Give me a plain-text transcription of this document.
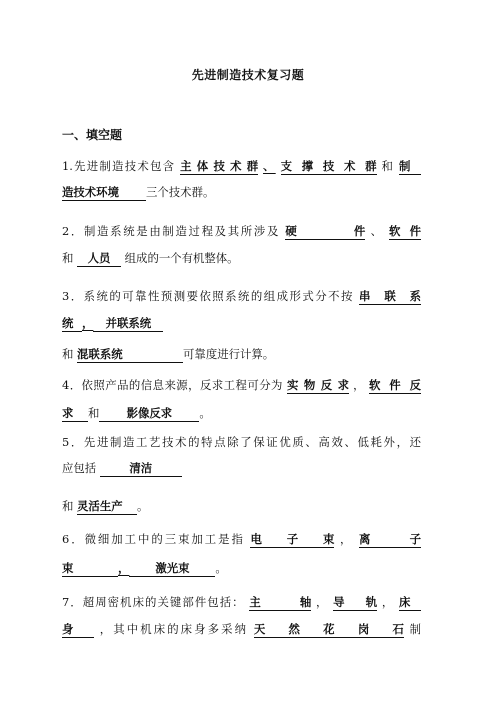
先进制造技术复习题
一、填空题
1.先进制造技术包含 主体技术群 、 支撑技术群 和 制
造技术环境 三个技术群。
2．制造系统是由制造过程及其所涉及 硬件 、 软件
和 人员 组成的一个有机整体。
3．系统的可靠性预测要依照系统的组成形式分不按 串联系
统 ， 并联系统
和 混联系统	可靠度进行计算。
4．依照产品的信息来源，反求工程可分为 实物反求 ， 软件反
求 和 影像反求 。
5．先进制造工艺技术的特点除了保证优质、高效、低耗外，还
应包括	清洁
和 灵活生产 。
6．微细加工中的三束加工是指 电子束 ， 离子
束	， 激光束 。
7．超周密机床的关键部件包括： 主轴 ， 导轨 ， 床
身 ，其中机床的床身多采纳 天然花岗石 制
